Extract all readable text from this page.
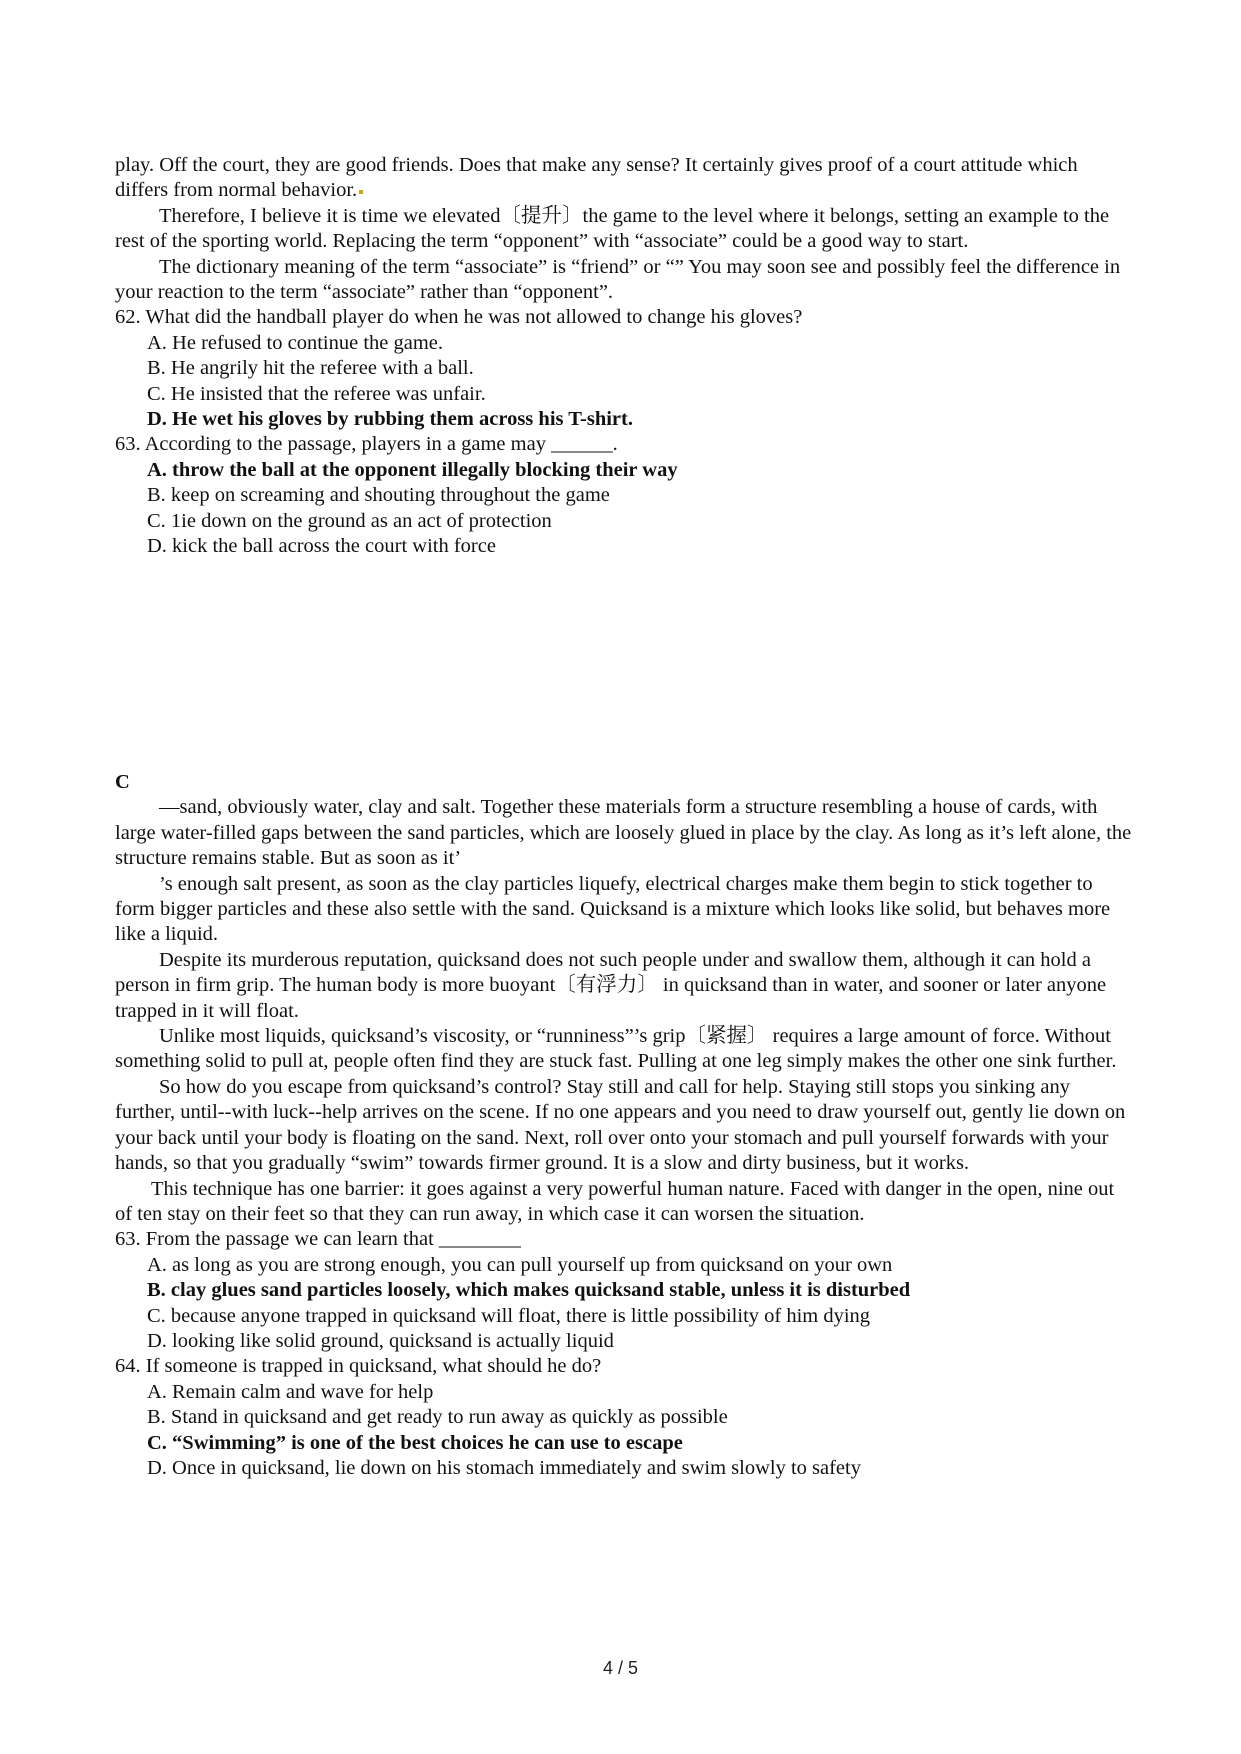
play. Off the court, they are good friends. Does that make any sense? It certainly gives proof of a court attitude which differs from normal behavior.

Therefore, I believe it is time we elevated〔提升〕the game to the level where it belongs, setting an example to the rest of the sporting world. Replacing the term “opponent” with “associate” could be a good way to start.

The dictionary meaning of the term “associate” is “friend” or “” You may soon see and possibly feel the difference in your reaction to the term “associate” rather than “opponent”.

62. What did the handball player do when he was not allowed to change his gloves?

A. He refused to continue the game.

B. He angrily hit the referee with a ball.

C. He insisted that the referee was unfair.

D. He wet his gloves by rubbing them across his T-shirt.

63. According to the passage, players in a game may ______.

A. throw the ball at the opponent illegally blocking their way

B. keep on screaming and shouting throughout the game

C. 1ie down on the ground as an act of protection

D. kick the ball across the court with force

C

—sand, obviously water, clay and salt. Together these materials form a structure resembling a house of cards, with large water-filled gaps between the sand particles, which are loosely glued in place by the clay. As long as it’s left alone, the structure remains stable. But as soon as it’

’s enough salt present, as soon as the clay particles liquefy, electrical charges make them begin to stick together to form bigger particles and these also settle with the sand. Quicksand is a mixture which looks like solid, but behaves more like a liquid.

Despite its murderous reputation, quicksand does not such people under and swallow them, although it can hold a person in firm grip. The human body is more buoyant〔有浮力〕 in quicksand than in water, and sooner or later anyone trapped in it will float.

Unlike most liquids, quicksand’s viscosity, or “runniness”’s grip〔紧握〕 requires a large amount of force. Without something solid to pull at, people often find they are stuck fast. Pulling at one leg simply makes the other one sink further.

So how do you escape from quicksand’s control? Stay still and call for help. Staying still stops you sinking any further, until--with luck--help arrives on the scene. If no one appears and you need to draw yourself out, gently lie down on your back until your body is floating on the sand. Next, roll over onto your stomach and pull yourself forwards with your hands, so that you gradually “swim” towards firmer ground. It is a slow and dirty business, but it works.

This technique has one barrier: it goes against a very powerful human nature. Faced with danger in the open, nine out of ten stay on their feet so that they can run away, in which case it can worsen the situation.

63. From the passage we can learn that ________

A. as long as you are strong enough, you can pull yourself up from quicksand on your own

B. clay glues sand particles loosely, which makes quicksand stable, unless it is disturbed

C. because anyone trapped in quicksand will float, there is little possibility of him dying

D. looking like solid ground, quicksand is actually liquid

64. If someone is trapped in quicksand, what should he do?

A. Remain calm and wave for help

B. Stand in quicksand and get ready to run away as quickly as possible

C. “Swimming” is one of the best choices he can use to escape

D. Once in quicksand, lie down on his stomach immediately and swim slowly to safety

4 / 5
